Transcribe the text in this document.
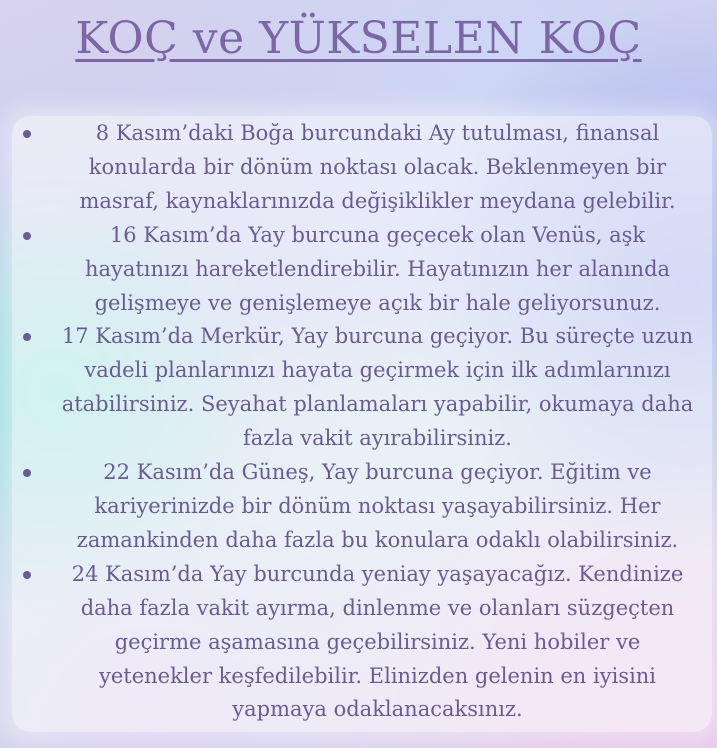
KOÇ ve YÜKSELEN KOÇ
8 Kasım’daki Boğa burcundaki Ay tutulması, finansal konularda bir dönüm noktası olacak. Beklenmeyen bir masraf, kaynaklarınızda değişiklikler meydana gelebilir.
16 Kasım’da Yay burcuna geçecek olan Venüs, aşk hayatınızı hareketlendirebilir. Hayatınızın her alanında gelişmeye ve genişlemeye açık bir hale geliyorsunuz.
17 Kasım’da Merkür, Yay burcuna geçiyor. Bu süreçte uzun vadeli planlarınızı hayata geçirmek için ilk adımlarınızı atabilirsiniz. Seyahat planlamaları yapabilir, okumaya daha fazla vakit ayırabilirsiniz.
22 Kasım’da Güneş, Yay burcuna geçiyor. Eğitim ve kariyerinizde bir dönüm noktası yaşayabilirsiniz. Her zamankinden daha fazla bu konulara odaklı olabilirsiniz.
24 Kasım’da Yay burcunda yeniay yaşayacağız. Kendinize daha fazla vakit ayırma, dinlenme ve olanları süzgeçten geçirme aşamasına geçebilirsiniz. Yeni hobiler ve yetenekler keşfedilebilir. Elinizden gelenin en iyisini yapmaya odaklanacaksınız.
